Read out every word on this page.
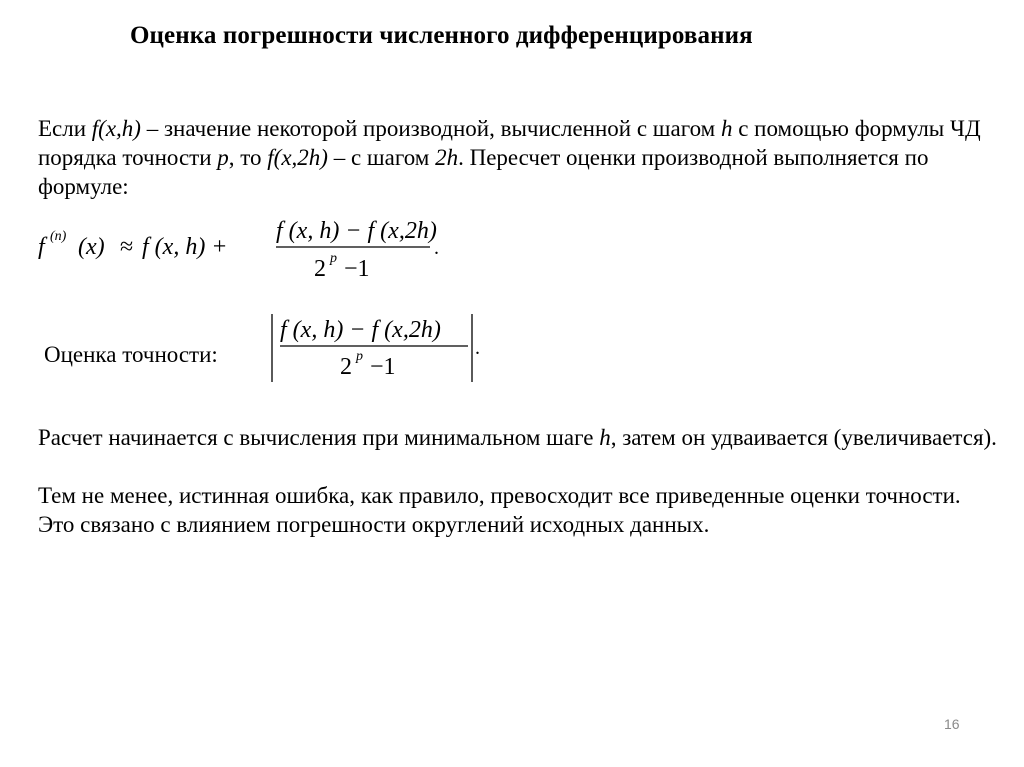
Оценка погрешности численного дифференцирования
Если f(x,h) – значение некоторой производной, вычисленной с шагом h с помощью формулы ЧД порядка точности p, то f(x,2h) – с шагом 2h. Пересчет оценки производной выполняется по формуле:
f (n) (x) ≈ f (x, h) +
f (x, h) − f (x,2h)
2 p −1
.
Оценка точности:
f (x, h) − f (x,2h)
2 p −1
.
Расчет начинается с вычисления при минимальном шаге h, затем он удваивается (увеличивается).
Тем не менее, истинная ошибка, как правило, превосходит все приведенные оценки точности. Это связано с влиянием погрешности округлений исходных данных.
16
